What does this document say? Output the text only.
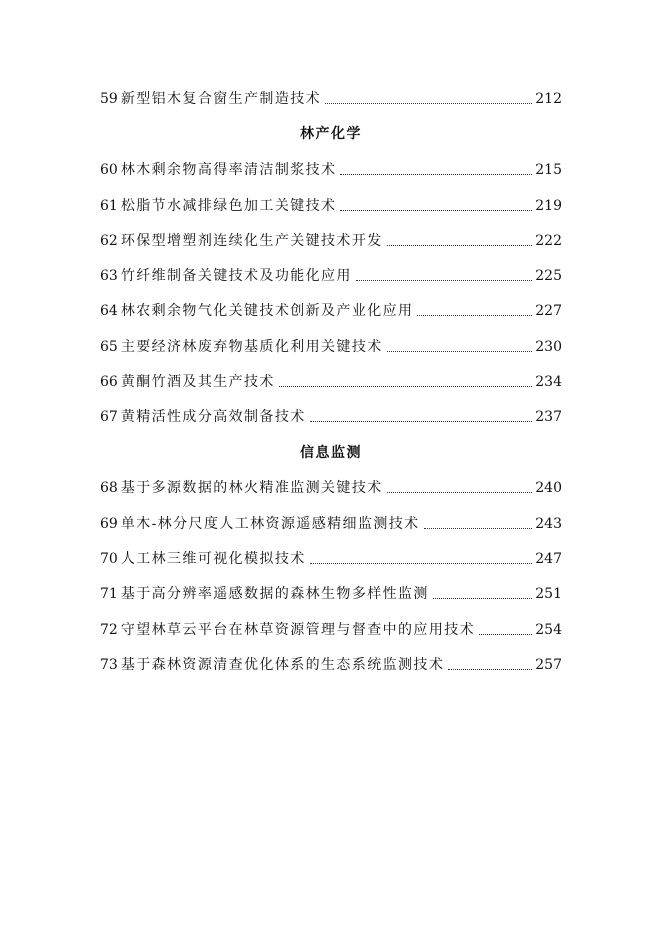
59 新型铝木复合窗生产制造技术	212
林产化学
60 林木剩余物高得率清洁制浆技术	215
61 松脂节水减排绿色加工关键技术	219
62 环保型增塑剂连续化生产关键技术开发	222
63 竹纤维制备关键技术及功能化应用	225
64 林农剩余物气化关键技术创新及产业化应用	227
65 主要经济林废弃物基质化利用关键技术	230
66 黄酮竹酒及其生产技术	234
67 黄精活性成分高效制备技术	237
信息监测
68 基于多源数据的林火精准监测关键技术	240
69 单木-林分尺度人工林资源遥感精细监测技术	243
70 人工林三维可视化模拟技术	247
71 基于高分辨率遥感数据的森林生物多样性监测	251
72 守望林草云平台在林草资源管理与督查中的应用技术	254
73 基于森林资源清查优化体系的生态系统监测技术	257
